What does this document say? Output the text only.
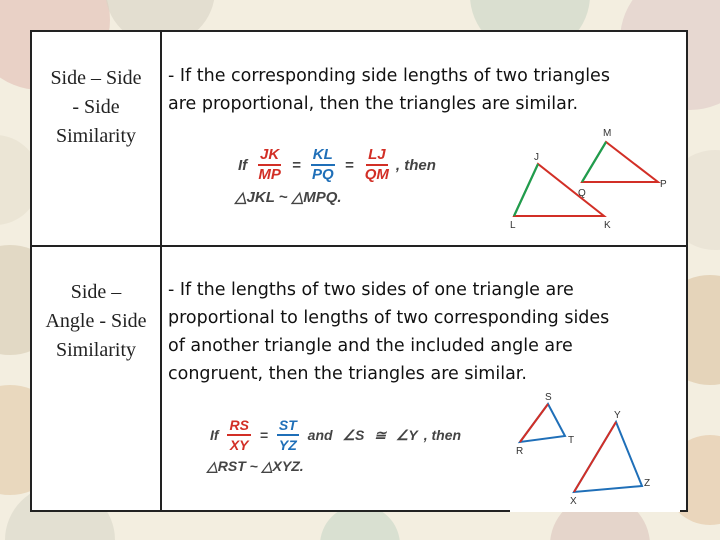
Side – Side
- Side
Similarity
- If the corresponding side lengths of two triangles
are proportional, then the triangles are similar.
If $\frac{JK}{MP} = \frac{KL}{PQ} = \frac{LJ}{QM}$ , then
△JKL ~ △MPQ.
M
J
Q
P
L	K
Side –
Angle - Side
Similarity
- If the lengths of two sides of one triangle are
proportional to lengths of two corresponding sides
of another triangle and the included angle are
congruent, then the triangles are similar.
If $\frac{RS}{XY} = \frac{ST}{YZ}$ and ∠S ≅ ∠Y , then
△RST ~ △XYZ.
S
Y
T
R
Z
X
